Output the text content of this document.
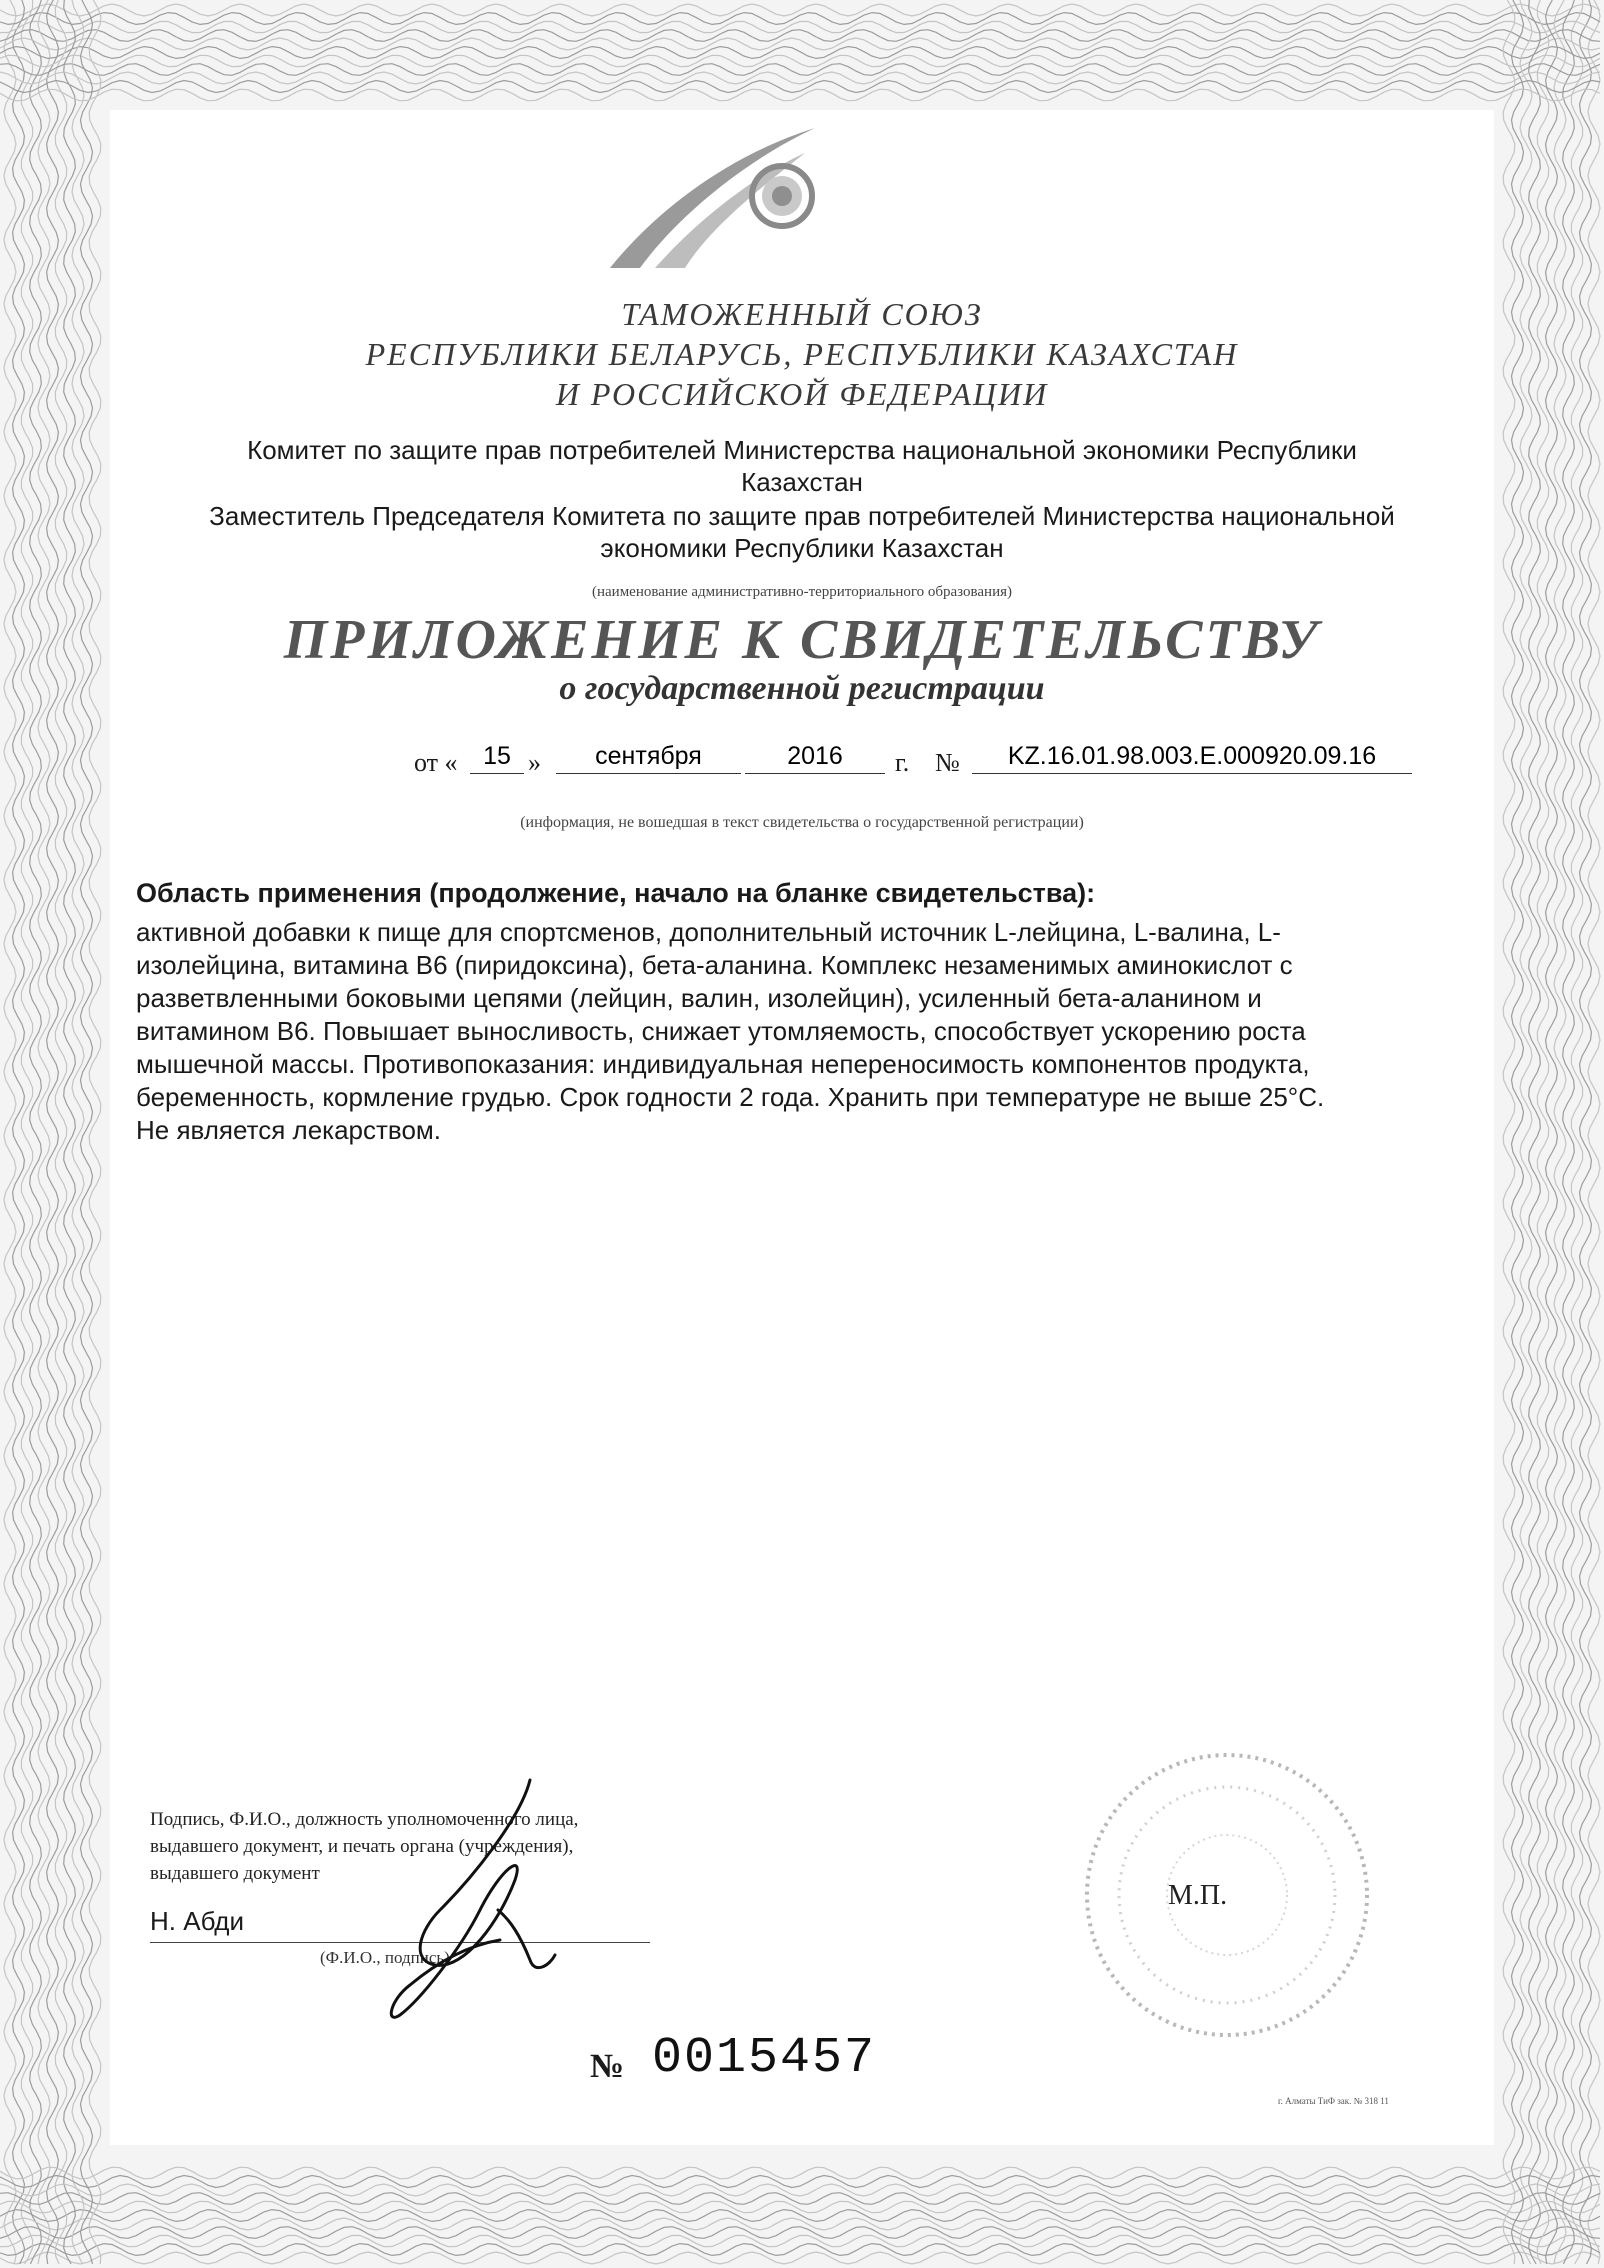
ТАМОЖЕННЫЙ СОЮЗ
РЕСПУБЛИКИ БЕЛАРУСЬ, РЕСПУБЛИКИ КАЗАХСТАН
И РОССИЙСКОЙ ФЕДЕРАЦИИ
Комитет по защите прав потребителей Министерства национальной экономики Республики
Казахстан
Заместитель Председателя Комитета по защите прав потребителей Министерства национальной
экономики Республики Казахстан
(наименование административно-территориального образования)
ПРИЛОЖЕНИЕ К СВИДЕТЕЛЬСТВУ
о государственной регистрации
от «	15 »	сентября	2016	г. №	KZ.16.01.98.003.E.000920.09.16
(информация, не вошедшая в текст свидетельства о государственной регистрации)
Область применения (продолжение, начало на бланке свидетельства):
активной добавки к пище для спортсменов, дополнительный источник L-лейцина, L-валина, L-
изолейцина, витамина В6 (пиридоксина), бета-аланина. Комплекс незаменимых аминокислот с
разветвленными боковыми цепями (лейцин, валин, изолейцин), усиленный бета-аланином и
витамином В6. Повышает выносливость, снижает утомляемость, способствует ускорению роста
мышечной массы. Противопоказания: индивидуальная непереносимость компонентов продукта,
беременность, кормление грудью. Срок годности 2 года. Хранить при температуре не выше 25°С.
Не является лекарством.
Подпись, Ф.И.О., должность уполномоченного лица,
выдавшего документ, и печать органа (учреждения),
выдавшего документ
Н. Абди
(Ф.И.О., подпись)
М.П.
№ 0015457
г. Алматы ТиФ зак. № 318 11
